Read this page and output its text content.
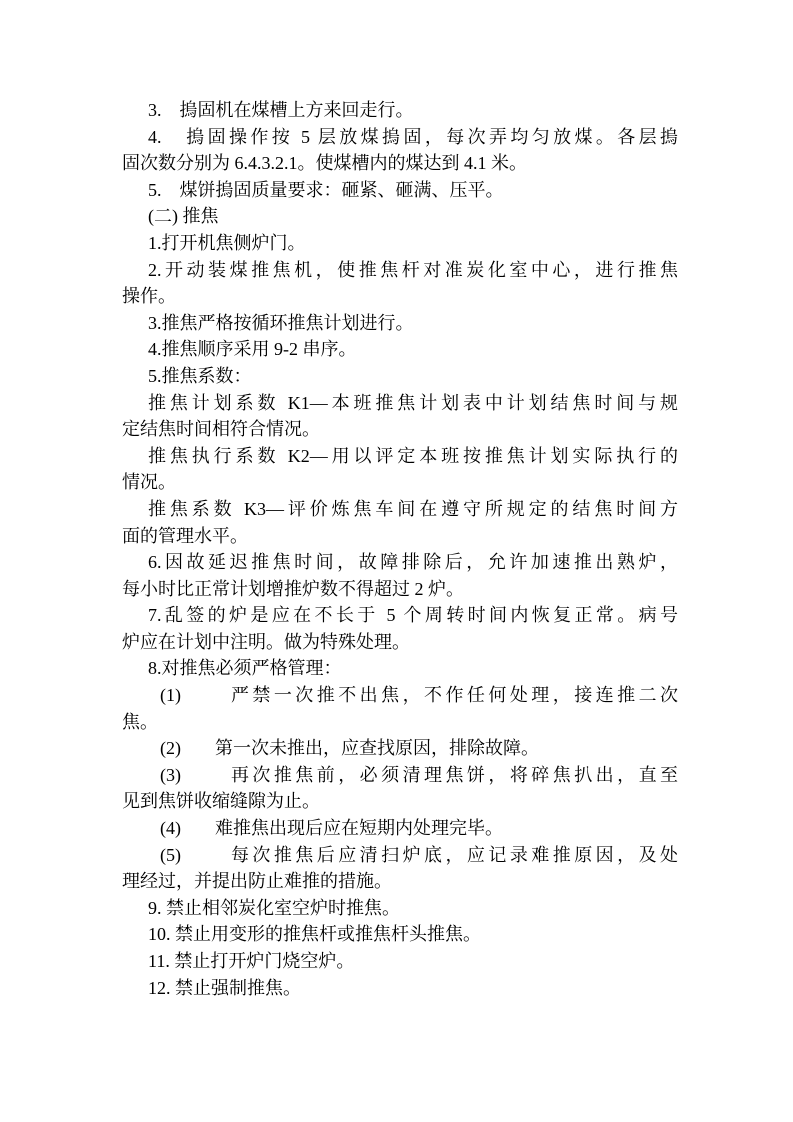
3.　摀固机在煤槽上方来回走行。
4.　摀固操作按 5 层放煤摀固，每次弄均匀放煤。各层摀
固次数分别为 6.4.3.2.1。使煤槽内的煤达到 4.1 米。
5.　煤饼摀固质量要求：砸紧、砸满、压平。
(二) 推焦
1.打开机焦侧炉门。
2.开动装煤推焦机，使推焦杆对准炭化室中心，进行推焦
操作。
3.推焦严格按循环推焦计划进行。
4.推焦顺序采用 9-2 串序。
5.推焦系数：
推焦计划系数 K1—本班推焦计划表中计划结焦时间与规
定结焦时间相符合情况。
推焦执行系数 K2—用以评定本班按推焦计划实际执行的
情况。
推焦系数 K3—评价炼焦车间在遵守所规定的结焦时间方
面的管理水平。
6.因故延迟推焦时间，故障排除后，允许加速推出熟炉，
每小时比正常计划增推炉数不得超过 2 炉。
7.乱签的炉是应在不长于 5 个周转时间内恢复正常。病号
炉应在计划中注明。做为特殊处理。
8.对推焦必须严格管理：
(1)	严禁一次推不出焦，不作任何处理，接连推二次
焦。
(2) 第一次未推出，应查找原因，排除故障。
(3)	再次推焦前，必须清理焦饼，将碎焦扒出，直至
见到焦饼收缩缝隙为止。
(4) 难推焦出现后应在短期内处理完毕。
(5)	每次推焦后应清扫炉底，应记录难推原因，及处
理经过，并提出防止难推的措施。
9. 禁止相邻炭化室空炉时推焦。
10. 禁止用变形的推焦杆或推焦杆头推焦。
11. 禁止打开炉门烧空炉。
12. 禁止强制推焦。
